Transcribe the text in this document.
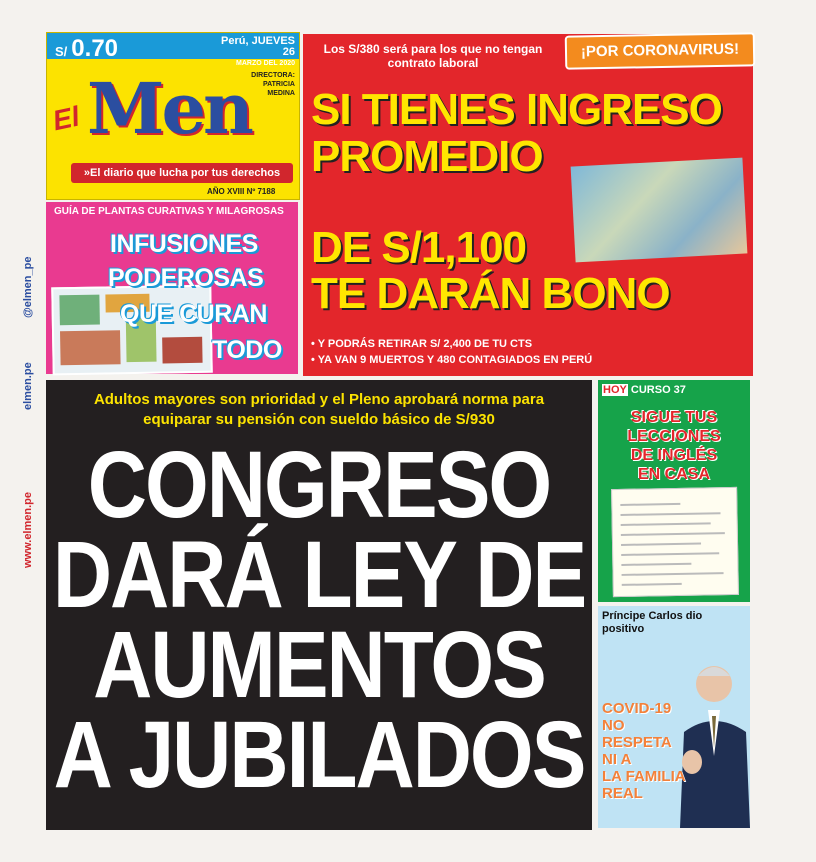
www.elmen.pe
elmen.pe
@elmen_pe
S/ 0.70	Perú, JUEVES 26
MARZO DEL 2020
DIRECTORA: PATRICIA MEDINA
Men
El
»El diario que lucha por tus derechos
AÑO XVIII Nº 7188
GUÍA DE PLANTAS CURATIVAS Y MILAGROSAS
INFUSIONES
PODEROSAS
QUE CURAN
TODO
Los S/380 será para los que no tengan contrato laboral
¡POR CORONAVIRUS!
SI TIENES INGRESO
PROMEDIO
DE S/1,100
TE DARÁN BONO
• Y PODRÁS RETIRAR S/ 2,400 DE TU CTS
• YA VAN 9 MUERTOS Y 480 CONTAGIADOS EN PERÚ
Adultos mayores son prioridad y el Pleno aprobará norma para equiparar su pensión con sueldo básico de S/930
CONGRESO
DARÁ LEY DE
AUMENTOS
A JUBILADOS
HOY CURSO 37
SIGUE TUS
LECCIONES
DE INGLÉS
EN CASA
Príncipe Carlos dio positivo
COVID-19
NO
RESPETA
NI A
LA FAMILIA
REAL
